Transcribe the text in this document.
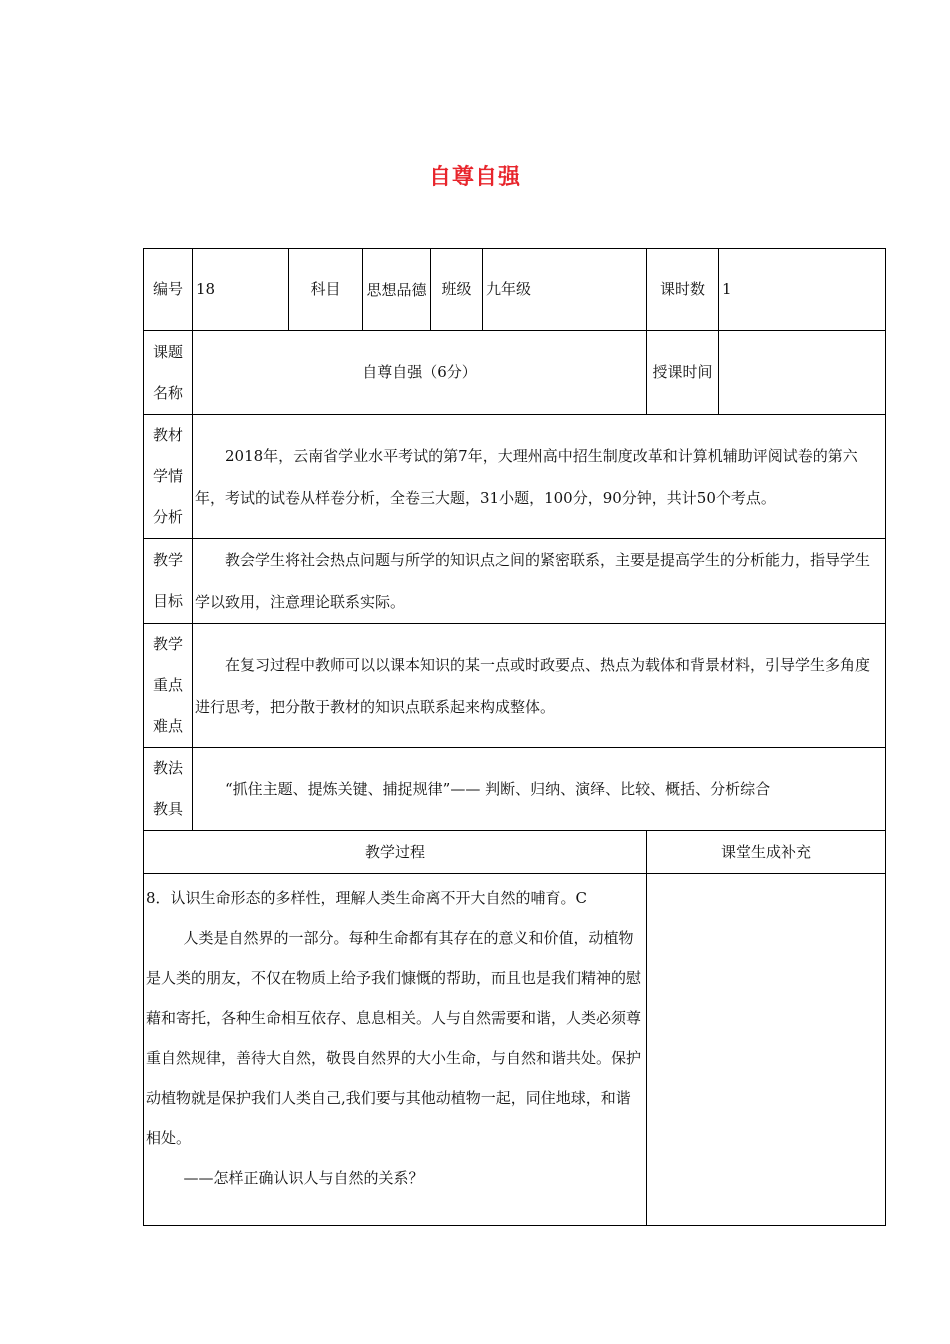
自尊自强
编号	18	科目	思想品德	班级	九年级	课时数	1
课题名称	自尊自强（6分）					授课时间	
教材学情分析	2018年，云南省学业水平考试的第7年，大理州高中招生制度改革和计算机辅助评阅试卷的第六年，考试的试卷从样卷分析，全卷三大题，31小题，100分，90分钟，共计50个考点。						
教学目标	教会学生将社会热点问题与所学的知识点之间的紧密联系，主要是提高学生的分析能力，指导学生学以致用，注意理论联系实际。						
教学重点难点	在复习过程中教师可以以课本知识的某一点或时政要点、热点为载体和背景材料，引导学生多角度进行思考，把分散于教材的知识点联系起来构成整体。						
教法教具	“抓住主题、提炼关键、捕捉规律”—— 判断、归纳、演绎、比较、概括、分析综合						
教学过程						课堂生成补充	

8．认识生命形态的多样性，理解人类生命离不开大自然的哺育。C

人类是自然界的一部分。每种生命都有其存在的意义和价值，动植物是人类的朋友，不仅在物质上给予我们慷慨的帮助，而且也是我们精神的慰藉和寄托，各种生命相互依存、息息相关。人与自然需要和谐，人类必须尊重自然规律，善待大自然，敬畏自然界的大小生命，与自然和谐共处。保护动植物就是保护我们人类自己,我们要与其他动植物一起，同住地球，和谐相处。

——怎样正确认识人与自然的关系？							
